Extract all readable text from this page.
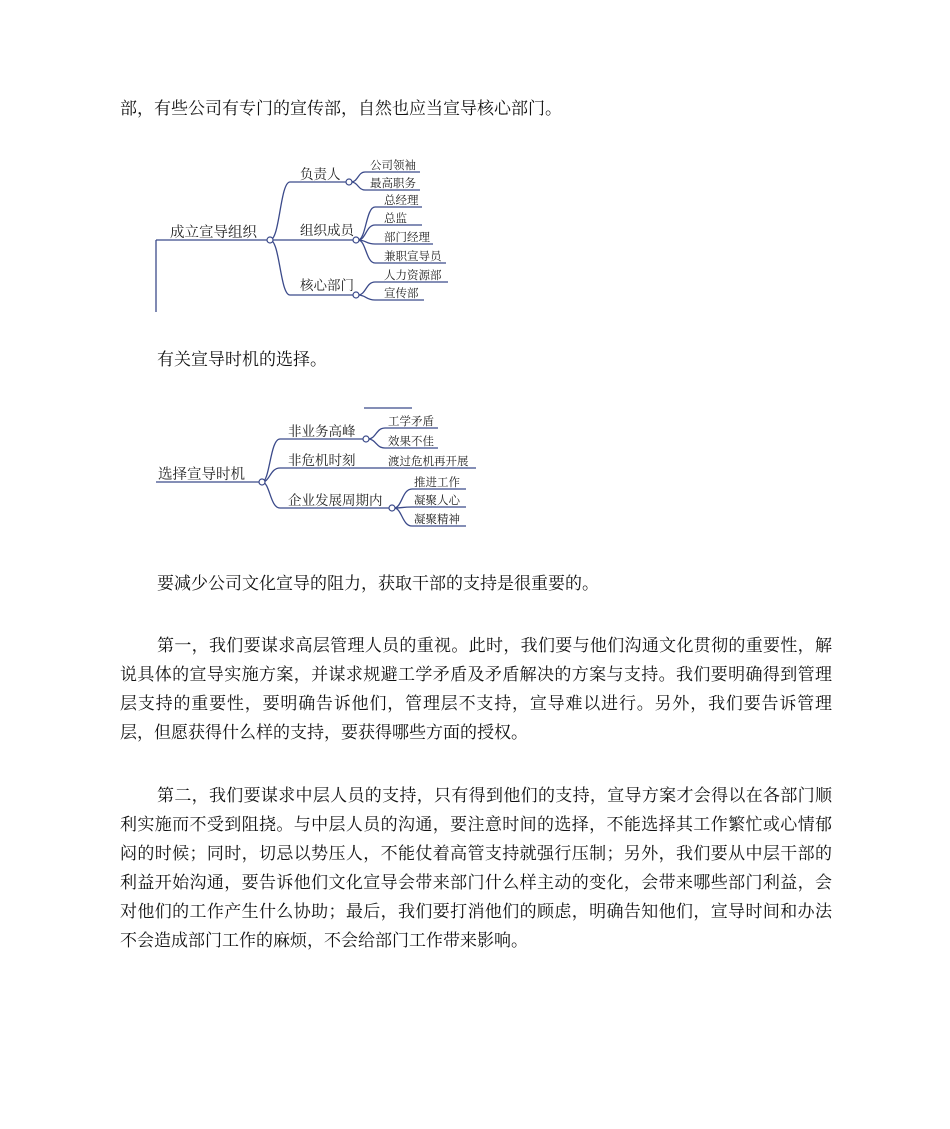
部，有些公司有专门的宣传部，自然也应当宣导核心部门。

成立宣导组织
负责人
组织成员
核心部门
公司领袖
最高职务
总经理
总监
部门经理
兼职宣导员
人力资源部
宣传部

有关宣导时机的选择。

选择宣导时机
非业务高峰
非危机时刻
企业发展周期内
工学矛盾
效果不佳
渡过危机再开展
推进工作
凝聚人心
凝聚精神

要减少公司文化宣导的阻力，获取干部的支持是很重要的。

第一，我们要谋求高层管理人员的重视。此时，我们要与他们沟通文化贯彻的重要性，解说具体的宣导实施方案，并谋求规避工学矛盾及矛盾解决的方案与支持。我们要明确得到管理层支持的重要性，要明确告诉他们，管理层不支持，宣导难以进行。另外，我们要告诉管理层，但愿获得什么样的支持，要获得哪些方面的授权。

第二，我们要谋求中层人员的支持，只有得到他们的支持，宣导方案才会得以在各部门顺利实施而不受到阻挠。与中层人员的沟通，要注意时间的选择，不能选择其工作繁忙或心情郁闷的时候；同时，切忌以势压人，不能仗着高管支持就强行压制；另外，我们要从中层干部的利益开始沟通，要告诉他们文化宣导会带来部门什么样主动的变化，会带来哪些部门利益，会对他们的工作产生什么协助；最后，我们要打消他们的顾虑，明确告知他们，宣导时间和办法不会造成部门工作的麻烦，不会给部门工作带来影响。
